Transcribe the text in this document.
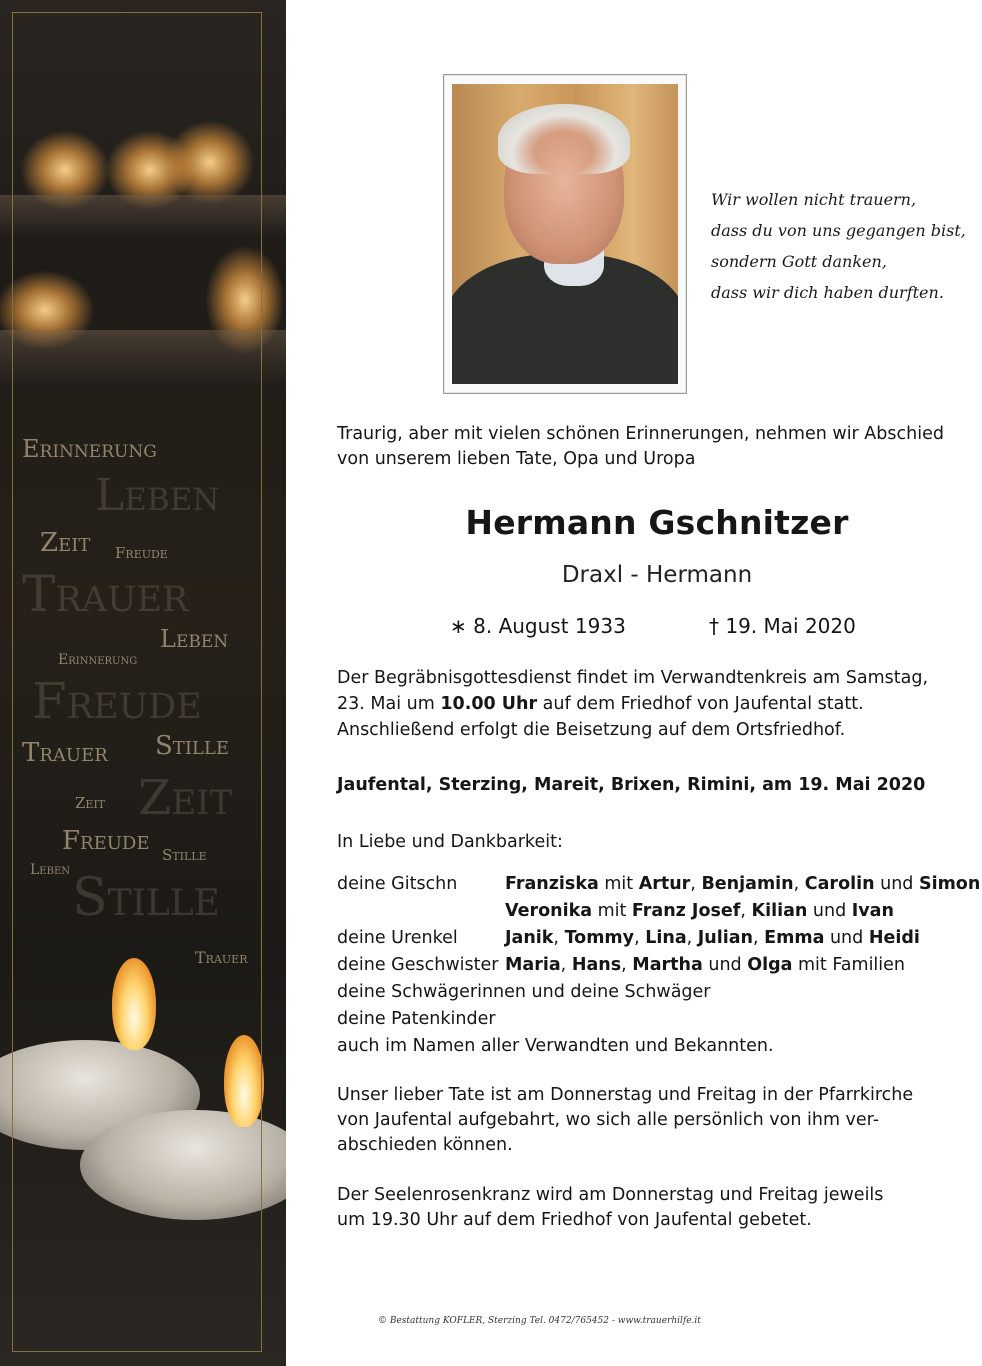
Erinnerung
Leben
Zeit Freude
Trauer
Leben
Erinnerung
Freude
Trauer Stille
Zeit Zeit
Freude Stille
Leben Stille
Trauer
Wir wollen nicht trauern,
dass du von uns gegangen bist,
sondern Gott danken,
dass wir dich haben durften.
Traurig, aber mit vielen schönen Erinnerungen, nehmen wir Abschied
von unserem lieben Tate, Opa und Uropa
Hermann Gschnitzer
Draxl - Hermann
∗ 8. August 1933	† 19. Mai 2020
Der Begräbnisgottesdienst findet im Verwandtenkreis am Samstag,
23. Mai um 10.00 Uhr auf dem Friedhof von Jaufental statt.
Anschließend erfolgt die Beisetzung auf dem Ortsfriedhof.
Jaufental, Sterzing, Mareit, Brixen, Rimini, am 19. Mai 2020
In Liebe und Dankbarkeit:
deine Gitschn	Franziska mit Artur, Benjamin, Carolin und Simon
Veronika mit Franz Josef, Kilian und Ivan
deine Urenkel	Janik, Tommy, Lina, Julian, Emma und Heidi
deine Geschwister Maria, Hans, Martha und Olga mit Familien
deine Schwägerinnen und deine Schwäger
deine Patenkinder
auch im Namen aller Verwandten und Bekannten.
Unser lieber Tate ist am Donnerstag und Freitag in der Pfarrkirche
von Jaufental aufgebahrt, wo sich alle persönlich von ihm ver-
abschieden können.
Der Seelenrosenkranz wird am Donnerstag und Freitag jeweils
um 19.30 Uhr auf dem Friedhof von Jaufental gebetet.
© Bestattung KOFLER, Sterzing Tel. 0472/765452 - www.trauerhilfe.it
